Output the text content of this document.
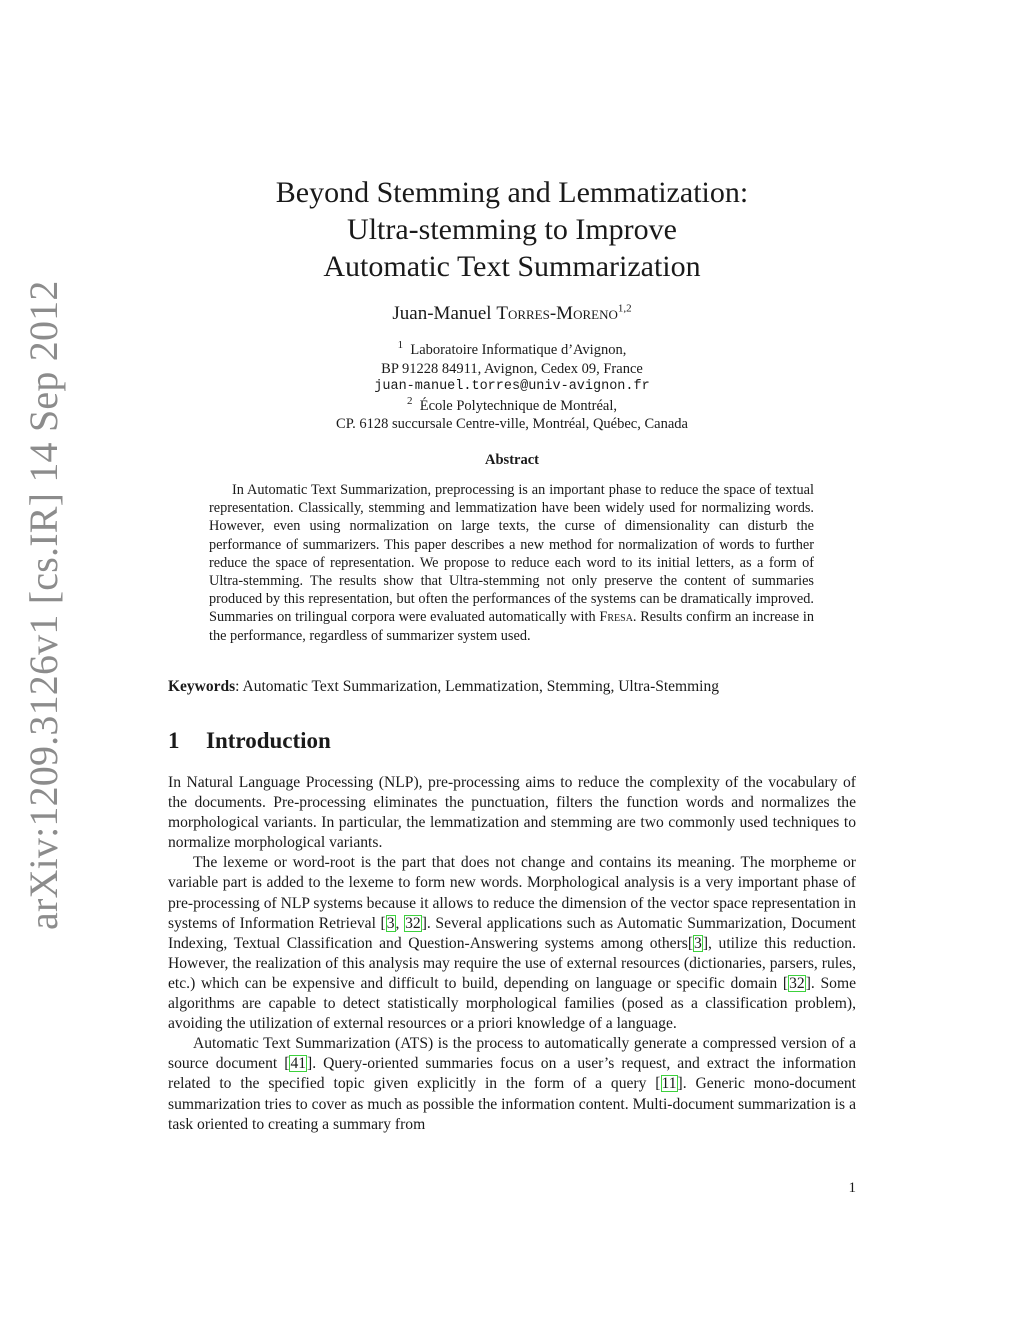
arXiv:1209.3126v1 [cs.IR] 14 Sep 2012
Beyond Stemming and Lemmatization:
Ultra-stemming to Improve
Automatic Text Summarization
Juan-Manuel Torres-Moreno$^{1,2}$
$^1$ Laboratoire Informatique d’Avignon,
BP 91228 84911, Avignon, Cedex 09, France
juan-manuel.torres@univ-avignon.fr
$^2$ École Polytechnique de Montréal,
CP. 6128 succursale Centre-ville, Montréal, Québec, Canada
Abstract

In Automatic Text Summarization, preprocessing is an important phase to reduce the space of textual representation. Classically, stemming and lemmatization have been widely used for normalizing words. However, even using normalization on large texts, the curse of dimensionality can disturb the performance of summarizers. This paper describes a new method for normalization of words to further reduce the space of representation. We propose to reduce each word to its initial letters, as a form of Ultra-stemming. The results show that Ultra-stemming not only preserve the content of summaries produced by this representation, but often the performances of the systems can be dramatically improved. Summaries on trilingual corpora were evaluated automatically with Fresa. Results confirm an increase in the performance, regardless of summarizer system used.

Keywords: Automatic Text Summarization, Lemmatization, Stemming, Ultra-Stemming
1 Introduction

In Natural Language Processing (NLP), pre-processing aims to reduce the complexity of the vocabulary of the documents. Pre-processing eliminates the punctuation, filters the function words and normalizes the morphological variants. In particular, the lemmatization and stemming are two commonly used techniques to normalize morphological variants.

The lexeme or word-root is the part that does not change and contains its meaning. The morpheme or variable part is added to the lexeme to form new words. Morphological analysis is a very important phase of pre-processing of NLP systems because it allows to reduce the dimension of the vector space representation in systems of Information Retrieval [3, 32]. Several applications such as Automatic Summarization, Document Indexing, Textual Classification and Question-Answering systems among others[3], utilize this reduction. However, the realization of this analysis may require the use of external resources (dictionaries, parsers, rules, etc.) which can be expensive and difficult to build, depending on language or specific domain [32]. Some algorithms are capable to detect statistically morphological families (posed as a classification problem), avoiding the utilization of external resources or a priori knowledge of a language.

Automatic Text Summarization (ATS) is the process to automatically generate a compressed version of a source document [41]. Query-oriented summaries focus on a user’s request, and extract the information related to the specified topic given explicitly in the form of a query [11]. Generic mono-document summarization tries to cover as much as possible the information content. Multi-document summarization is a task oriented to creating a summary from

1
